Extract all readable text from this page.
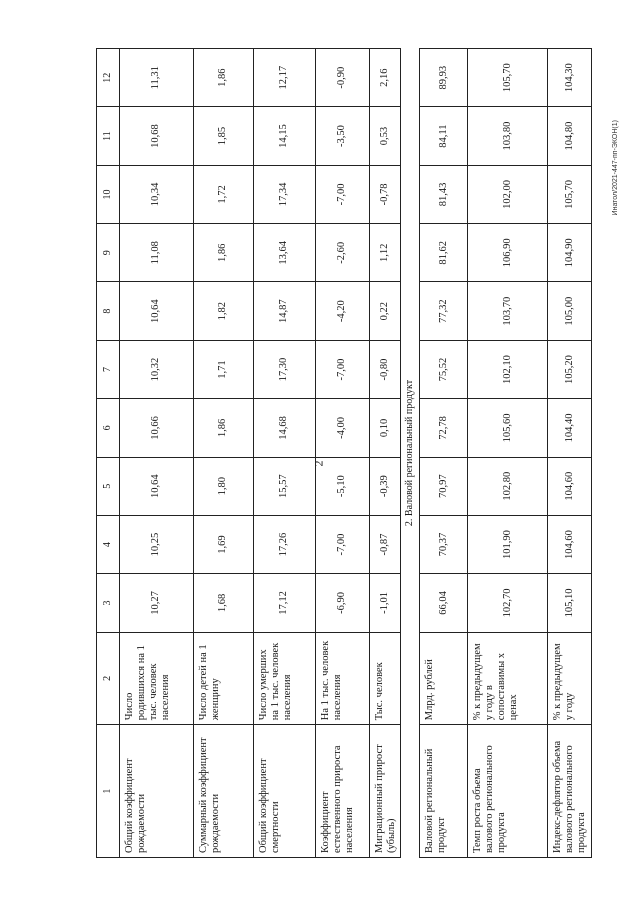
2
Инатол/2021-447-пп-ЭКОН(1)
1	2	3	4	5	6	7	8	9	10	11	12
Общий коэффициент рождаемости	Число родившихся на 1 тыс. человек населения	10,27	10,25	10,64	10,66	10,32	10,64	11,08	10,34	10,68	11,31
Суммарный коэффициент рождаемости	Число детей на 1 женщину	1,68	1,69	1,80	1,86	1,71	1,82	1,86	1,72	1,85	1,86
Общий коэффициент смертности	Число умерших на 1 тыс. человек населения	17,12	17,26	15,57	14,68	17,30	14,87	13,64	17,34	14,15	12,17
Коэффициент естественного прироста населения	На 1 тыс. человек населения	-6,90	-7,00	-5,10	-4,00	-7,00	-4,20	-2,60	-7,00	-3,50	-0,90
Миграционный прирост (убыль)	Тыс. человек	-1,01	-0,87	-0,39	0,10	-0,80	0,22	1,12	-0,78	0,53	2,16
2. Валовой региональный продукт											
Валовой региональный продукт	Млрд. рублей	66,04	70,37	70,97	72,78	75,52	77,32	81,62	81,43	84,11	89,93
Темп роста объема валового регионального продукта	% к предыдущем у году в сопоставимы х ценах	102,70	101,90	102,80	105,60	102,10	103,70	106,90	102,00	103,80	105,70
Индекс-дефлятор объема валового регионального продукта	% к предыдущем у году	105,10	104,60	104,60	104,40	105,20	105,00	104,90	105,70	104,80	104,30
